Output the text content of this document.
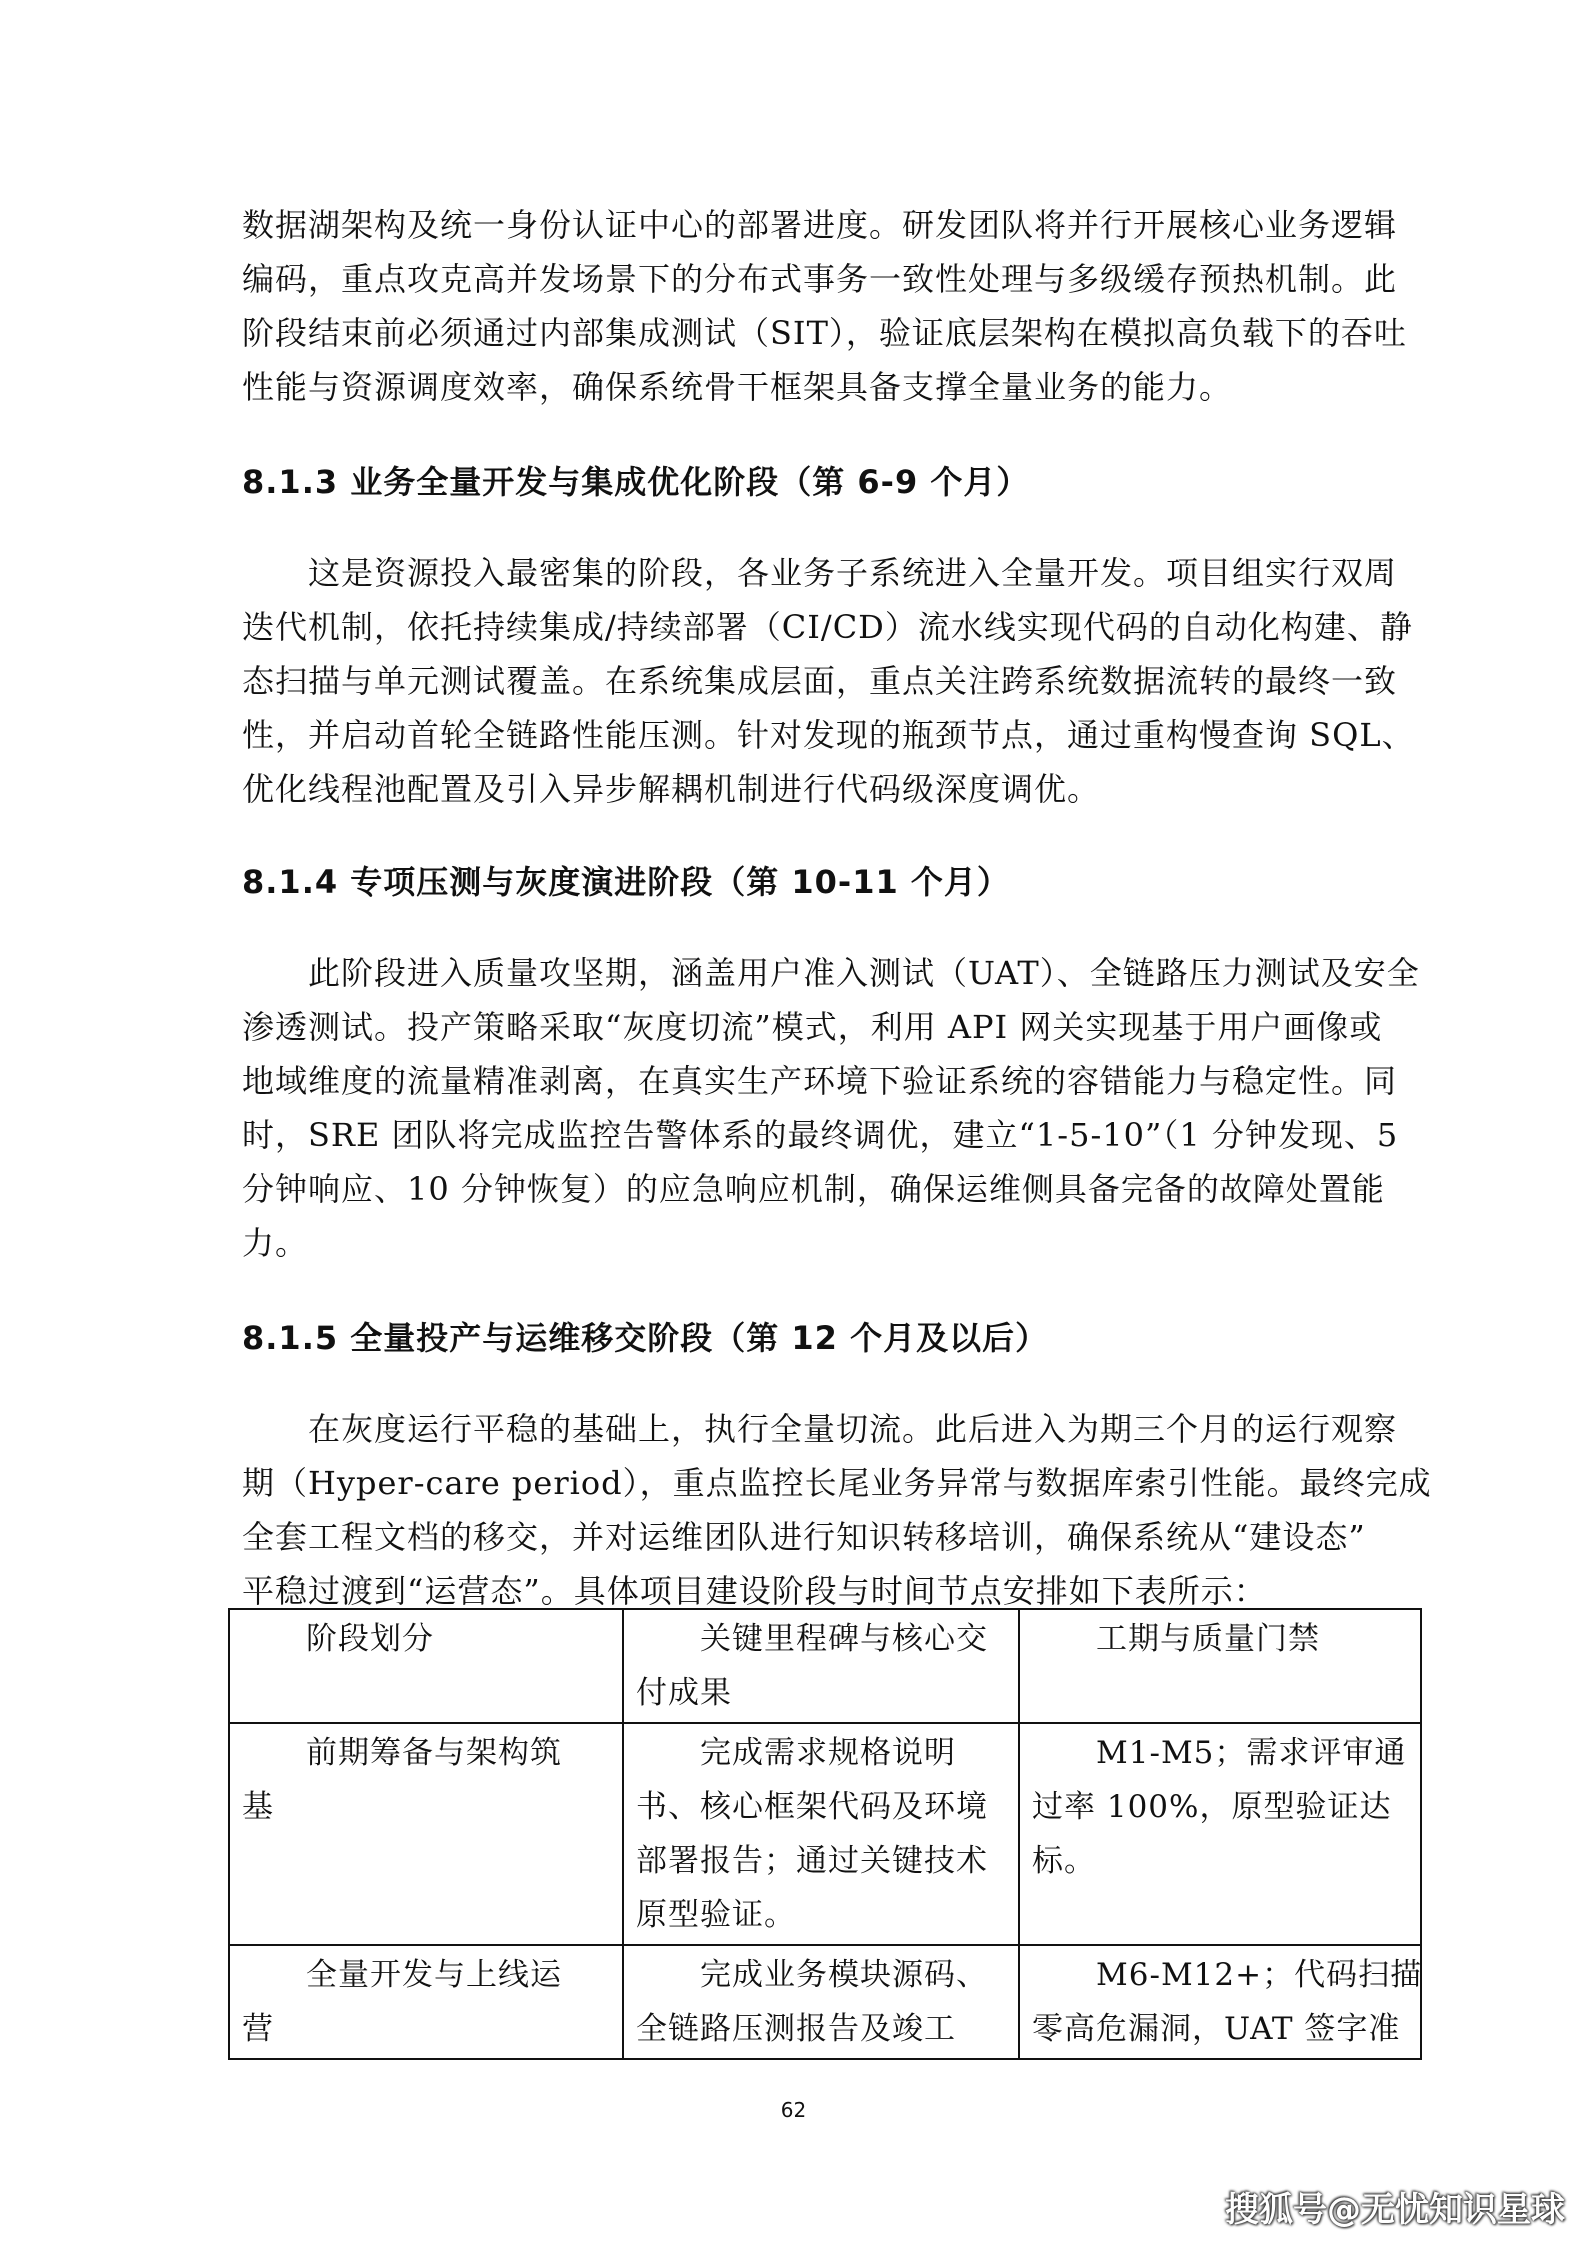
数据湖架构及统一身份认证中心的部署进度。研发团队将并行开展核心业务逻辑
编码，重点攻克高并发场景下的分布式事务一致性处理与多级缓存预热机制。此
阶段结束前必须通过内部集成测试（SIT），验证底层架构在模拟高负载下的吞吐
性能与资源调度效率，确保系统骨干框架具备支撑全量业务的能力。

8.1.3 业务全量开发与集成优化阶段（第 6-9 个月）

　　这是资源投入最密集的阶段，各业务子系统进入全量开发。项目组实行双周
迭代机制，依托持续集成/持续部署（CI/CD）流水线实现代码的自动化构建、静
态扫描与单元测试覆盖。在系统集成层面，重点关注跨系统数据流转的最终一致
性，并启动首轮全链路性能压测。针对发现的瓶颈节点，通过重构慢查询 SQL、
优化线程池配置及引入异步解耦机制进行代码级深度调优。

8.1.4 专项压测与灰度演进阶段（第 10-11 个月）

　　此阶段进入质量攻坚期，涵盖用户准入测试（UAT）、全链路压力测试及安全
渗透测试。投产策略采取“灰度切流”模式，利用 API 网关实现基于用户画像或
地域维度的流量精准剥离，在真实生产环境下验证系统的容错能力与稳定性。同
时，SRE 团队将完成监控告警体系的最终调优，建立“1-5-10”（1 分钟发现、5
分钟响应、10 分钟恢复）的应急响应机制，确保运维侧具备完备的故障处置能
力。

8.1.5 全量投产与运维移交阶段（第 12 个月及以后）

　　在灰度运行平稳的基础上，执行全量切流。此后进入为期三个月的运行观察
期（Hyper-care period），重点监控长尾业务异常与数据库索引性能。最终完成
全套工程文档的移交，并对运维团队进行知识转移培训，确保系统从“建设态”
平稳过渡到“运营态”。具体项目建设阶段与时间节点安排如下表所示：

　　阶段划分	　　关键里程碑与核心交
付成果	　　工期与质量门禁

　　前期筹备与架构筑
基	　　完成需求规格说明
书、核心框架代码及环境
部署报告；通过关键技术
原型验证。	　　M1-M5；需求评审通
过率 100%，原型验证达
标。

　　全量开发与上线运
营	　　完成业务模块源码、
全链路压测报告及竣工	　　M6-M12+；代码扫描
零高危漏洞，UAT 签字准
62
搜狐号@无忧知识星球
